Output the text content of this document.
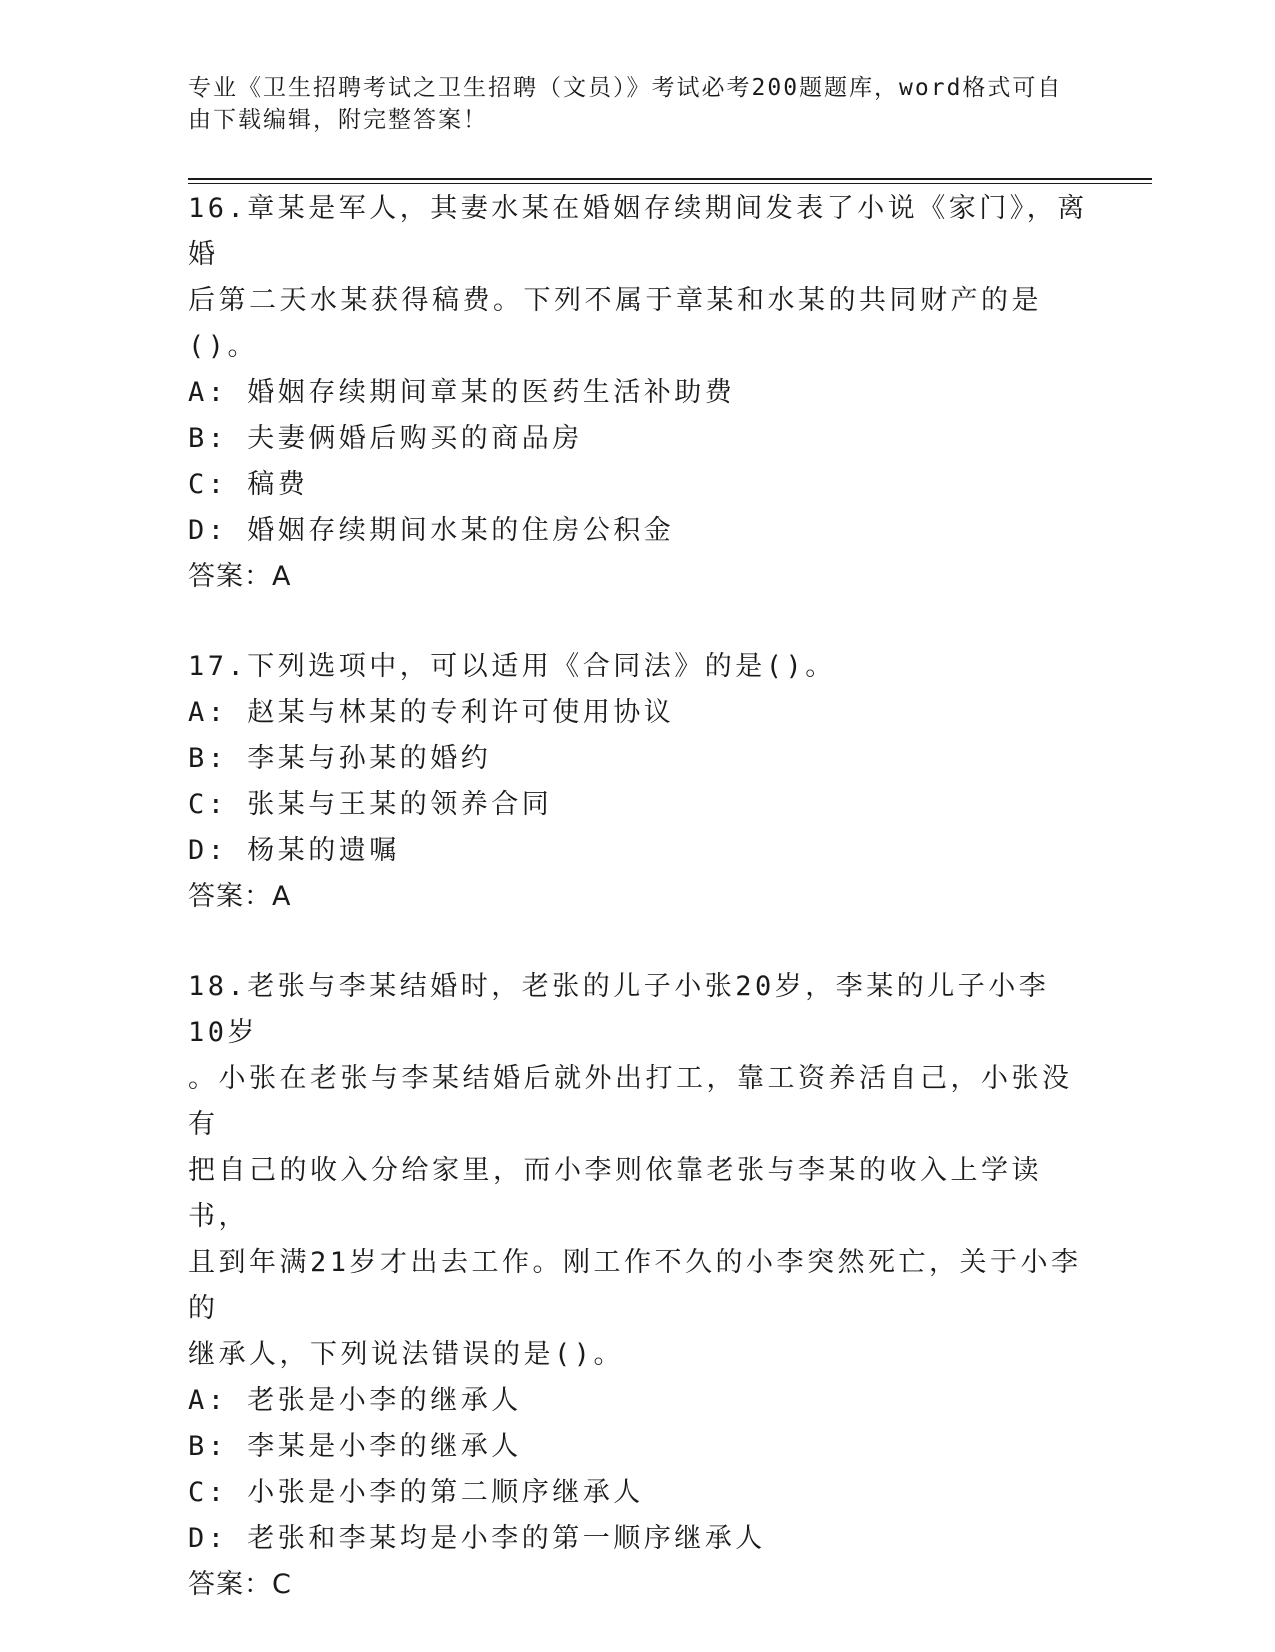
专业《卫生招聘考试之卫生招聘（文员）》考试必考200题题库，word格式可自
由下载编辑，附完整答案！

16.章某是军人，其妻水某在婚姻存续期间发表了小说《家门》，离婚

后第二天水某获得稿费。下列不属于章某和水某的共同财产的是()。

A: 婚姻存续期间章某的医药生活补助费

B: 夫妻俩婚后购买的商品房

C: 稿费

D: 婚姻存续期间水某的住房公积金

答案：A

17.下列选项中，可以适用《合同法》的是()。

A: 赵某与林某的专利许可使用协议

B: 李某与孙某的婚约

C: 张某与王某的领养合同

D: 杨某的遗嘱

答案：A

18.老张与李某结婚时，老张的儿子小张20岁，李某的儿子小李10岁

。小张在老张与李某结婚后就外出打工，靠工资养活自己，小张没有

把自己的收入分给家里，而小李则依靠老张与李某的收入上学读书，

且到年满21岁才出去工作。刚工作不久的小李突然死亡，关于小李的

继承人，下列说法错误的是()。

A: 老张是小李的继承人

B: 李某是小李的继承人

C: 小张是小李的第二顺序继承人

D: 老张和李某均是小李的第一顺序继承人

答案：C
